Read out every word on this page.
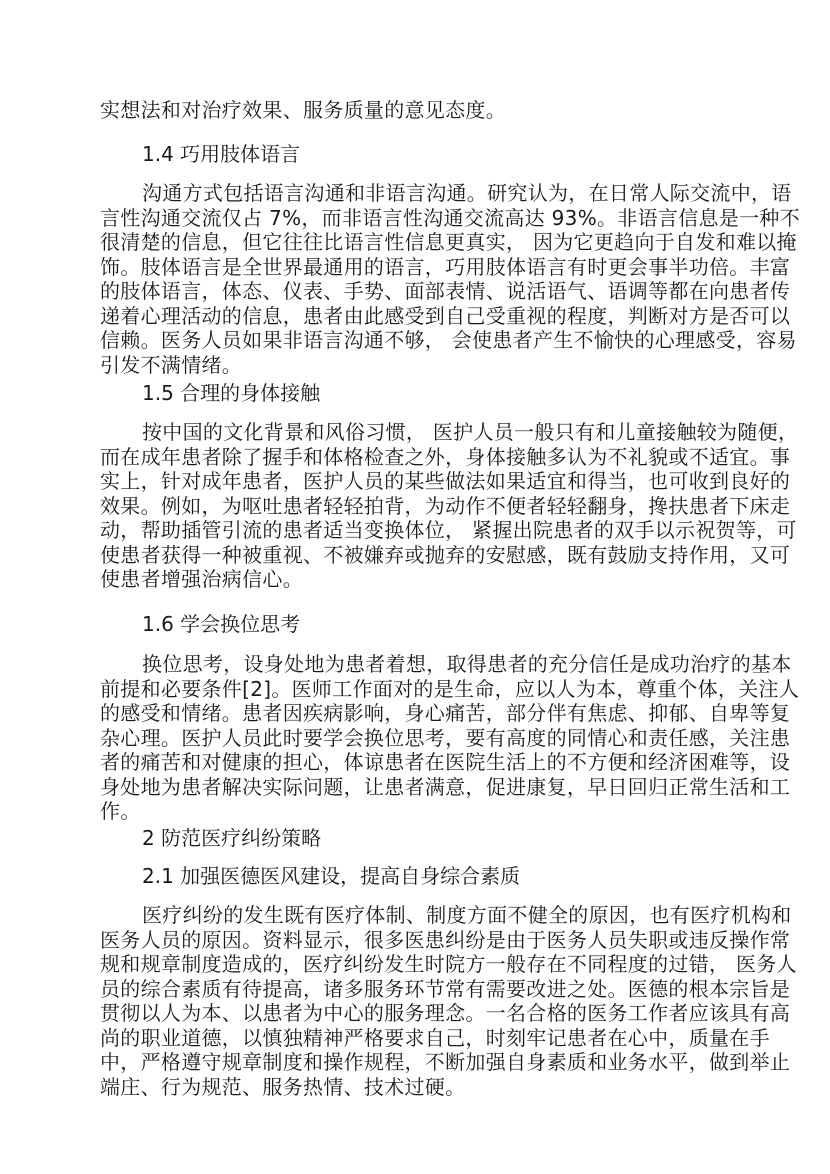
实想法和对治疗效果、服务质量的意见态度。
1.4 巧用肢体语言
沟通方式包括语言沟通和非语言沟通。研究认为，在日常人际交流中，语
言性沟通交流仅占 7%，而非语言性沟通交流高达 93%。非语言信息是一种不
很清楚的信息，但它往往比语言性信息更真实， 因为它更趋向于自发和难以掩
饰。肢体语言是全世界最通用的语言，巧用肢体语言有时更会事半功倍。丰富
的肢体语言，体态、仪表、手势、面部表情、说活语气、语调等都在向患者传
递着心理活动的信息，患者由此感受到自己受重视的程度，判断对方是否可以
信赖。医务人员如果非语言沟通不够， 会使患者产生不愉快的心理感受，容易
引发不满情绪。
1.5 合理的身体接触
按中国的文化背景和风俗习惯， 医护人员一般只有和儿童接触较为随便，
而在成年患者除了握手和体格检查之外，身体接触多认为不礼貌或不适宜。事
实上，针对成年患者，医护人员的某些做法如果适宜和得当，也可收到良好的
效果。例如，为呕吐患者轻轻拍背，为动作不便者轻轻翻身，搀扶患者下床走
动，帮助插管引流的患者适当变换体位， 紧握出院患者的双手以示祝贺等，可
使患者获得一种被重视、不被嫌弃或抛弃的安慰感，既有鼓励支持作用，又可
使患者增强治病信心。
1.6 学会换位思考
换位思考，设身处地为患者着想，取得患者的充分信任是成功治疗的基本
前提和必要条件[2]。医师工作面对的是生命，应以人为本，尊重个体，关注人
的感受和情绪。患者因疾病影响，身心痛苦，部分伴有焦虑、抑郁、自卑等复
杂心理。医护人员此时要学会换位思考，要有高度的同情心和责任感，关注患
者的痛苦和对健康的担心，体谅患者在医院生活上的不方便和经济困难等，设
身处地为患者解决实际问题，让患者满意，促进康复，早日回归正常生活和工
作。
2 防范医疗纠纷策略
2.1 加强医德医风建设，提高自身综合素质
医疗纠纷的发生既有医疗体制、制度方面不健全的原因，也有医疗机构和
医务人员的原因。资料显示，很多医患纠纷是由于医务人员失职或违反操作常
规和规章制度造成的，医疗纠纷发生时院方一般存在不同程度的过错， 医务人
员的综合素质有待提高，诸多服务环节常有需要改进之处。医德的根本宗旨是
贯彻以人为本、以患者为中心的服务理念。一名合格的医务工作者应该具有高
尚的职业道德，以慎独精神严格要求自己，时刻牢记患者在心中，质量在手
中，严格遵守规章制度和操作规程，不断加强自身素质和业务水平，做到举止
端庄、行为规范、服务热情、技术过硬。
